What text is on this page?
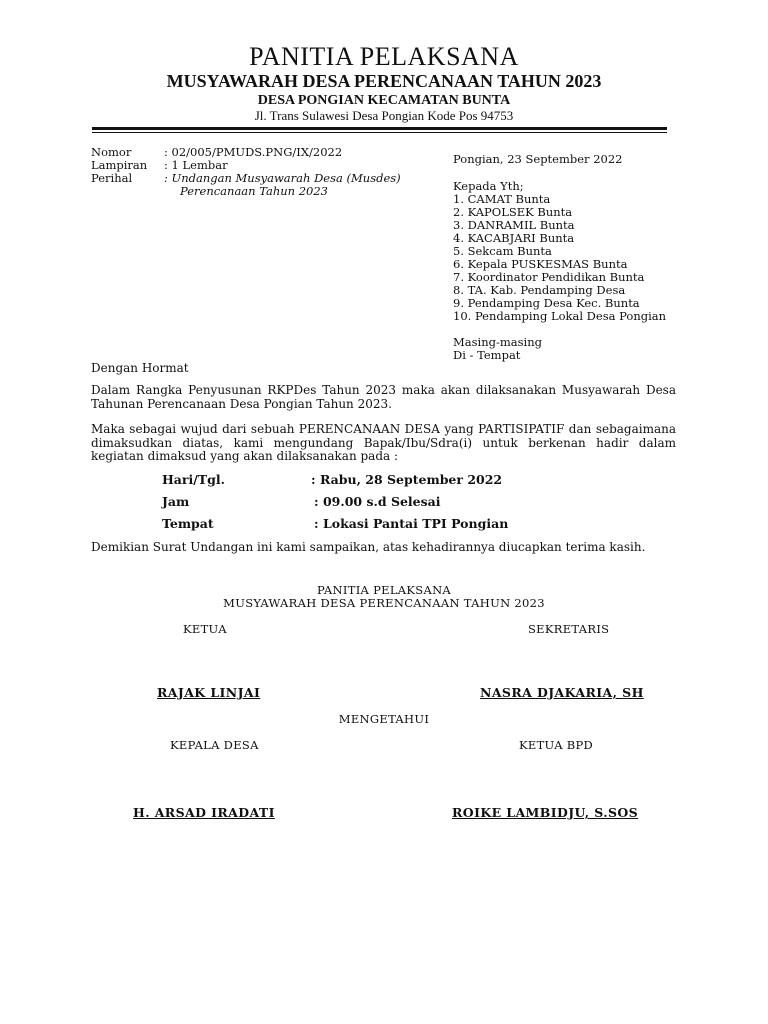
PANITIA PELAKSANA
MUSYAWARAH DESA PERENCANAAN TAHUN 2023
DESA PONGIAN KECAMATAN BUNTA
Jl. Trans Sulawesi Desa Pongian Kode Pos 94753
Nomor	: 02/005/PMUDS.PNG/IX/2022
Lampiran : 1 Lembar
Perihal	: Undangan Musyawarah Desa (Musdes)
Perencanaan Tahun 2023
Pongian, 23 September 2022
Kepada Yth;
1. CAMAT Bunta
2. KAPOLSEK Bunta
3. DANRAMIL Bunta
4. KACABJARI Bunta
5. Sekcam Bunta
6. Kepala PUSKESMAS Bunta
7. Koordinator Pendidikan Bunta
8. TA. Kab. Pendamping Desa
9. Pendamping Desa Kec. Bunta
10. Pendamping Lokal Desa Pongian
Masing-masing
Di - Tempat
Dengan Hormat
Dalam Rangka Penyusunan RKPDes Tahun 2023 maka akan dilaksanakan Musyawarah Desa Tahunan Perencanaan Desa Pongian Tahun 2023.
Maka sebagai wujud dari sebuah PERENCANAAN DESA yang PARTISIPATIF dan sebagaimana dimaksudkan diatas, kami mengundang Bapak/Ibu/Sdra(i) untuk berkenan hadir dalam kegiatan dimaksud yang akan dilaksanakan pada :
Hari/Tgl.	: Rabu, 28 September 2022
Jam	: 09.00 s.d Selesai
Tempat	: Lokasi Pantai TPI Pongian
Demikian Surat Undangan ini kami sampaikan, atas kehadirannya diucapkan terima kasih.
PANITIA PELAKSANA
MUSYAWARAH DESA PERENCANAAN TAHUN 2023
KETUA	SEKRETARIS
RAJAK LINJAI	NASRA DJAKARIA, SH
MENGETAHUI
KEPALA DESA	KETUA BPD
H. ARSAD IRADATI	ROIKE LAMBIDJU, S.SOS
